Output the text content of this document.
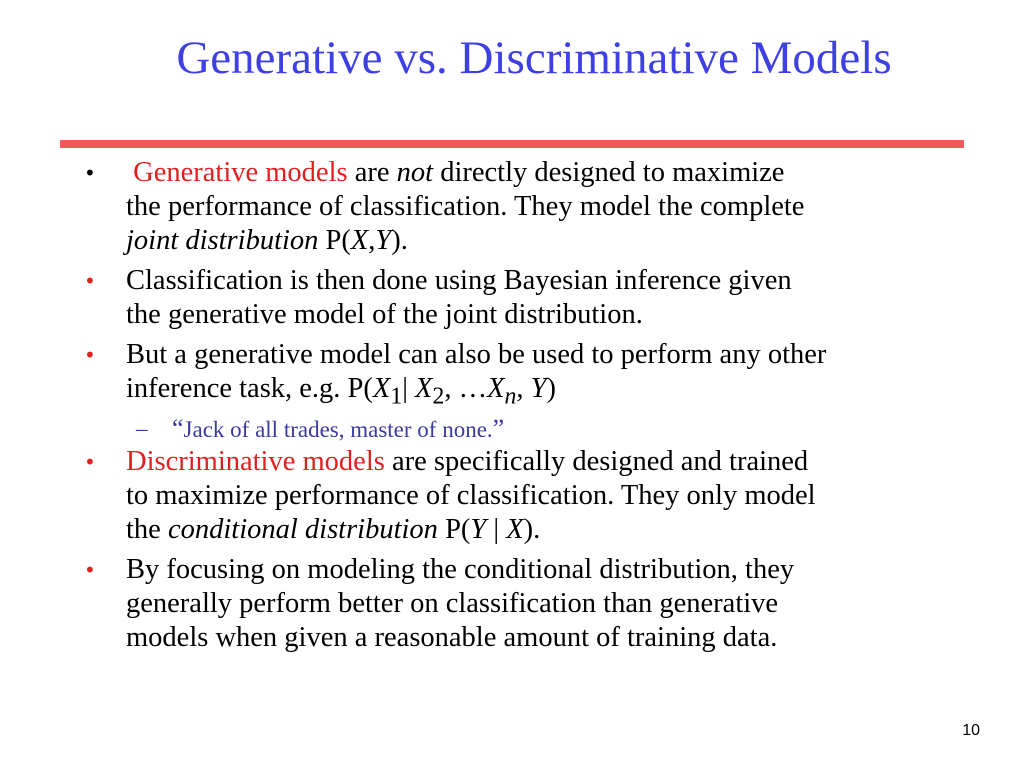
Generative vs. Discriminative Models
• Generative models are not directly designed to maximize
the performance of classification. They model the complete
joint distribution P(X,Y).
• Classification is then done using Bayesian inference given
the generative model of the joint distribution.
• But a generative model can also be used to perform any other
inference task, e.g. $P(X_1|$ $X_2$, $\dots X_n$, Y)
– “Jack of all trades, master of none.”
• Discriminative models are specifically designed and trained
to maximize performance of classification. They only model
the conditional distribution P(Y | X).
• By focusing on modeling the conditional distribution, they
generally perform better on classification than generative
models when given a reasonable amount of training data.
10
